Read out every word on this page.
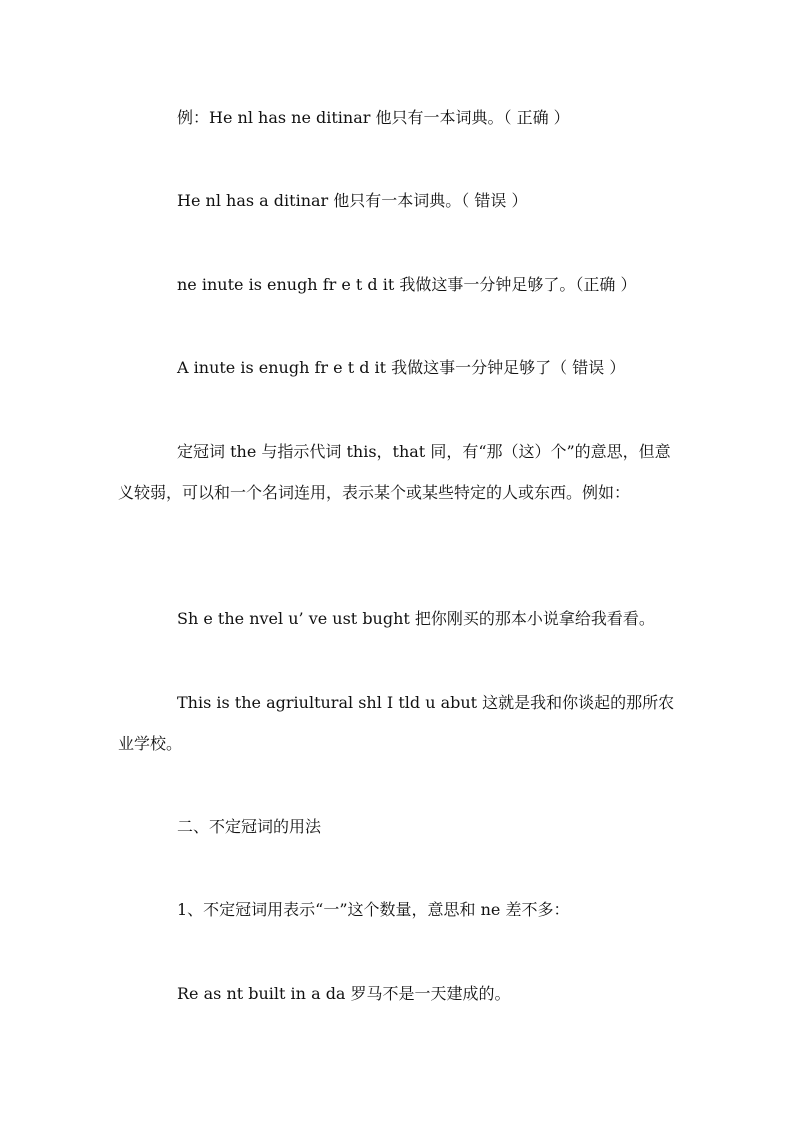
例：He nl has ne ditinar 他只有一本词典。（ 正确 ）
He nl has a ditinar 他只有一本词典。（ 错误 ）
ne inute is enugh fr e t d it 我做这事一分钟足够了。（正确 ）
A inute is enugh fr e t d it 我做这事一分钟足够了（ 错误 ）
定冠词 the 与指示代词 this，that 同，有“那（这）个”的意思，但意义较弱，可以和一个名词连用，表示某个或某些特定的人或东西。例如：
Sh e the nvel u’ ve ust bught 把你刚买的那本小说拿给我看看。
This is the agriultural shl I tld u abut 这就是我和你谈起的那所农业学校。
二、不定冠词的用法
1、不定冠词用表示“一”这个数量，意思和 ne 差不多：
Re as nt built in a da 罗马不是一天建成的。
